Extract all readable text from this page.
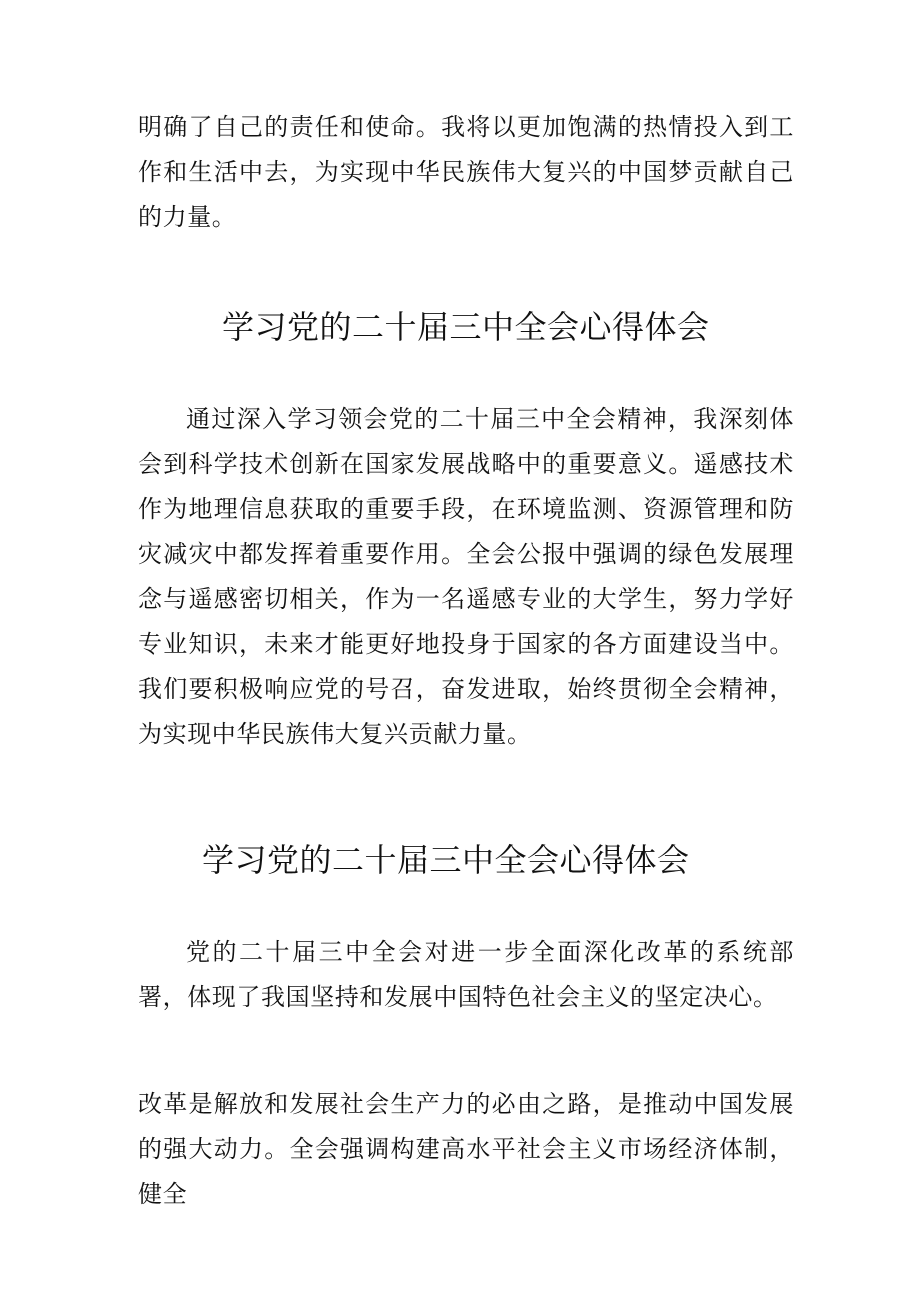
明确了自己的责任和使命。我将以更加饱满的热情投入到工作和生活中去，为实现中华民族伟大复兴的中国梦贡献自己的力量。

学习党的二十届三中全会心得体会

通过深入学习领会党的二十届三中全会精神，我深刻体会到科学技术创新在国家发展战略中的重要意义。遥感技术作为地理信息获取的重要手段，在环境监测、资源管理和防灾减灾中都发挥着重要作用。全会公报中强调的绿色发展理念与遥感密切相关，作为一名遥感专业的大学生，努力学好专业知识，未来才能更好地投身于国家的各方面建设当中。我们要积极响应党的号召，奋发进取，始终贯彻全会精神，为实现中华民族伟大复兴贡献力量。

学习党的二十届三中全会心得体会

党的二十届三中全会对进一步全面深化改革的系统部署，体现了我国坚持和发展中国特色社会主义的坚定决心。

改革是解放和发展社会生产力的必由之路，是推动中国发展的强大动力。全会强调构建高水平社会主义市场经济体制，健全
